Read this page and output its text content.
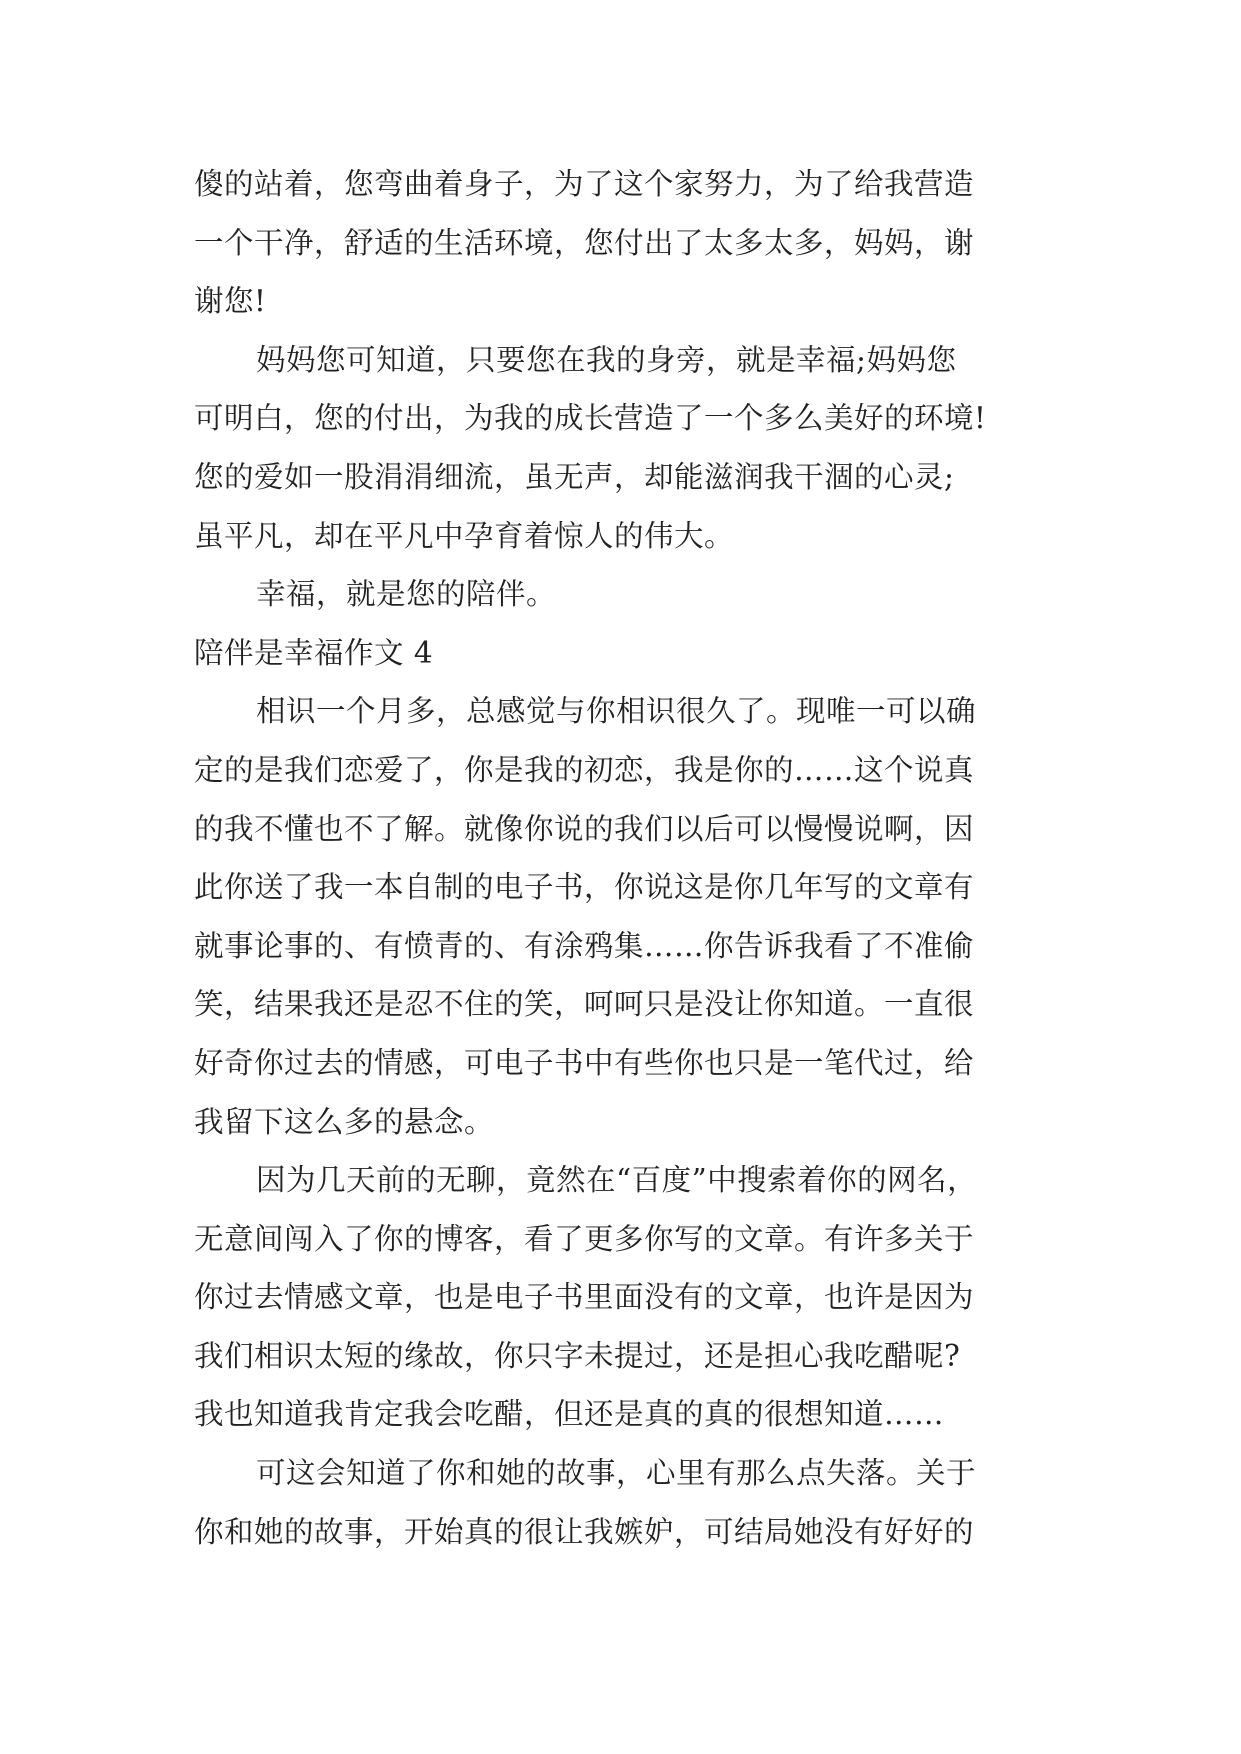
傻的站着，您弯曲着身子，为了这个家努力，为了给我营造
一个干净，舒适的生活环境，您付出了太多太多，妈妈，谢
谢您!
妈妈您可知道，只要您在我的身旁，就是幸福;妈妈您
可明白，您的付出，为我的成长营造了一个多么美好的环境!
您的爱如一股涓涓细流，虽无声，却能滋润我干涸的心灵;
虽平凡，却在平凡中孕育着惊人的伟大。
幸福，就是您的陪伴。
陪伴是幸福作文 4
相识一个月多，总感觉与你相识很久了。现唯一可以确
定的是我们恋爱了，你是我的初恋，我是你的……这个说真
的我不懂也不了解。就像你说的我们以后可以慢慢说啊，因
此你送了我一本自制的电子书，你说这是你几年写的文章有
就事论事的、有愤青的、有涂鸦集……你告诉我看了不准偷
笑，结果我还是忍不住的笑，呵呵只是没让你知道。一直很
好奇你过去的情感，可电子书中有些你也只是一笔代过，给
我留下这么多的悬念。
因为几天前的无聊，竟然在“百度”中搜索着你的网名，
无意间闯入了你的博客，看了更多你写的文章。有许多关于
你过去情感文章，也是电子书里面没有的文章，也许是因为
我们相识太短的缘故，你只字未提过，还是担心我吃醋呢?
我也知道我肯定我会吃醋，但还是真的真的很想知道……
可这会知道了你和她的故事，心里有那么点失落。关于
你和她的故事，开始真的很让我嫉妒，可结局她没有好好的
